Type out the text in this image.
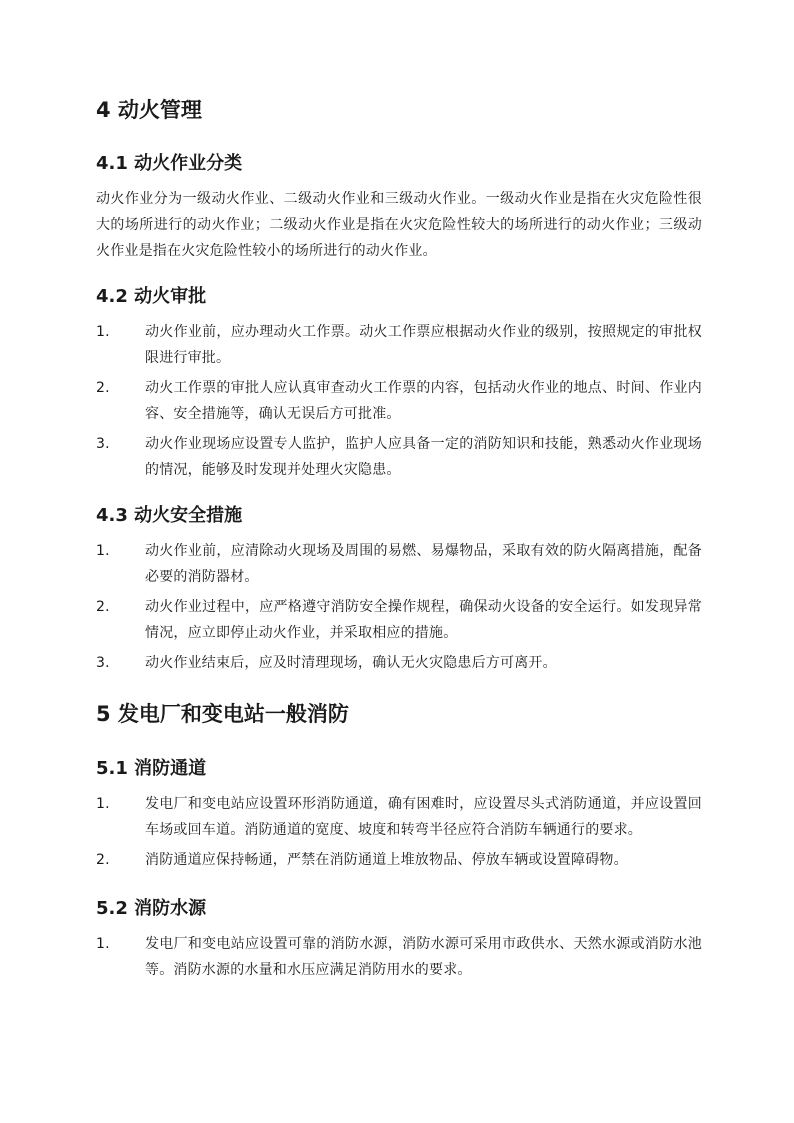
4 动火管理
4.1 动火作业分类
动火作业分为一级动火作业、二级动火作业和三级动火作业。一级动火作业是指在火灾危险性很大的场所进行的动火作业；二级动火作业是指在火灾危险性较大的场所进行的动火作业；三级动火作业是指在火灾危险性较小的场所进行的动火作业。
4.2 动火审批
1.	动火作业前，应办理动火工作票。动火工作票应根据动火作业的级别，按照规定的审批权限进行审批。
2.	动火工作票的审批人应认真审查动火工作票的内容，包括动火作业的地点、时间、作业内容、安全措施等，确认无误后方可批准。
3.	动火作业现场应设置专人监护，监护人应具备一定的消防知识和技能，熟悉动火作业现场的情况，能够及时发现并处理火灾隐患。
4.3 动火安全措施
1.	动火作业前，应清除动火现场及周围的易燃、易爆物品，采取有效的防火隔离措施，配备必要的消防器材。
2.	动火作业过程中，应严格遵守消防安全操作规程，确保动火设备的安全运行。如发现异常情况，应立即停止动火作业，并采取相应的措施。
3.	动火作业结束后，应及时清理现场，确认无火灾隐患后方可离开。
5 发电厂和变电站一般消防
5.1 消防通道
1.	发电厂和变电站应设置环形消防通道，确有困难时，应设置尽头式消防通道，并应设置回车场或回车道。消防通道的宽度、坡度和转弯半径应符合消防车辆通行的要求。
2.	消防通道应保持畅通，严禁在消防通道上堆放物品、停放车辆或设置障碍物。
5.2 消防水源
1.	发电厂和变电站应设置可靠的消防水源，消防水源可采用市政供水、天然水源或消防水池等。消防水源的水量和水压应满足消防用水的要求。
